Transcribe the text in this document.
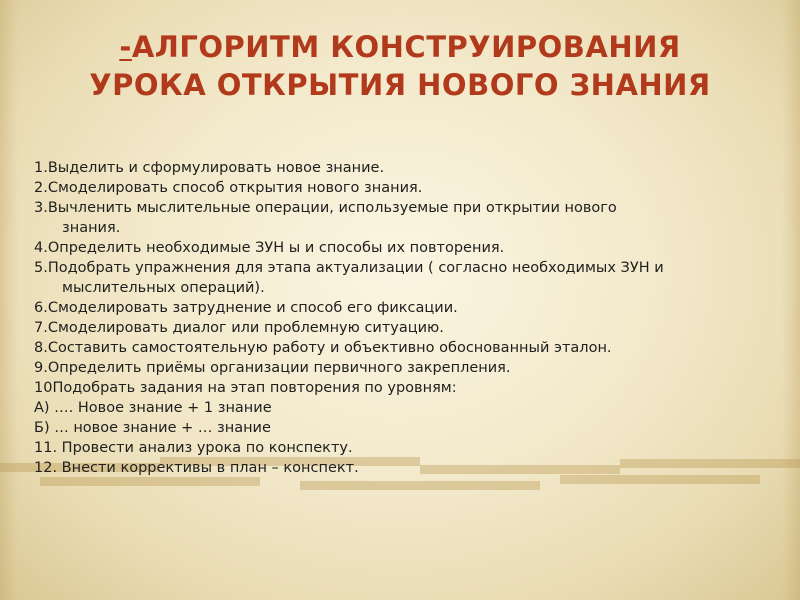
-АЛГОРИТМ КОНСТРУИРОВАНИЯ
УРОКА ОТКРЫТИЯ НОВОГО ЗНАНИЯ
1.Выделить и сформулировать новое знание.
2.Смоделировать способ открытия нового знания.
3.Вычленить мыслительные операции, используемые при открытии нового
знания.
4.Определить необходимые ЗУН ы и способы их повторения.
5.Подобрать упражнения для этапа актуализации ( согласно необходимых ЗУН и
мыслительных операций).
6.Смоделировать затруднение и способ его фиксации.
7.Смоделировать диалог или проблемную ситуацию.
8.Составить самостоятельную работу и объективно обоснованный эталон.
9.Определить приёмы организации первичного закрепления.
10Подобрать задания на этап повторения по уровням:
А) …. Новое знание + 1 знание
Б) … новое знание + … знание
11. Провести анализ урока по конспекту.
12. Внести коррективы в план – конспект.
